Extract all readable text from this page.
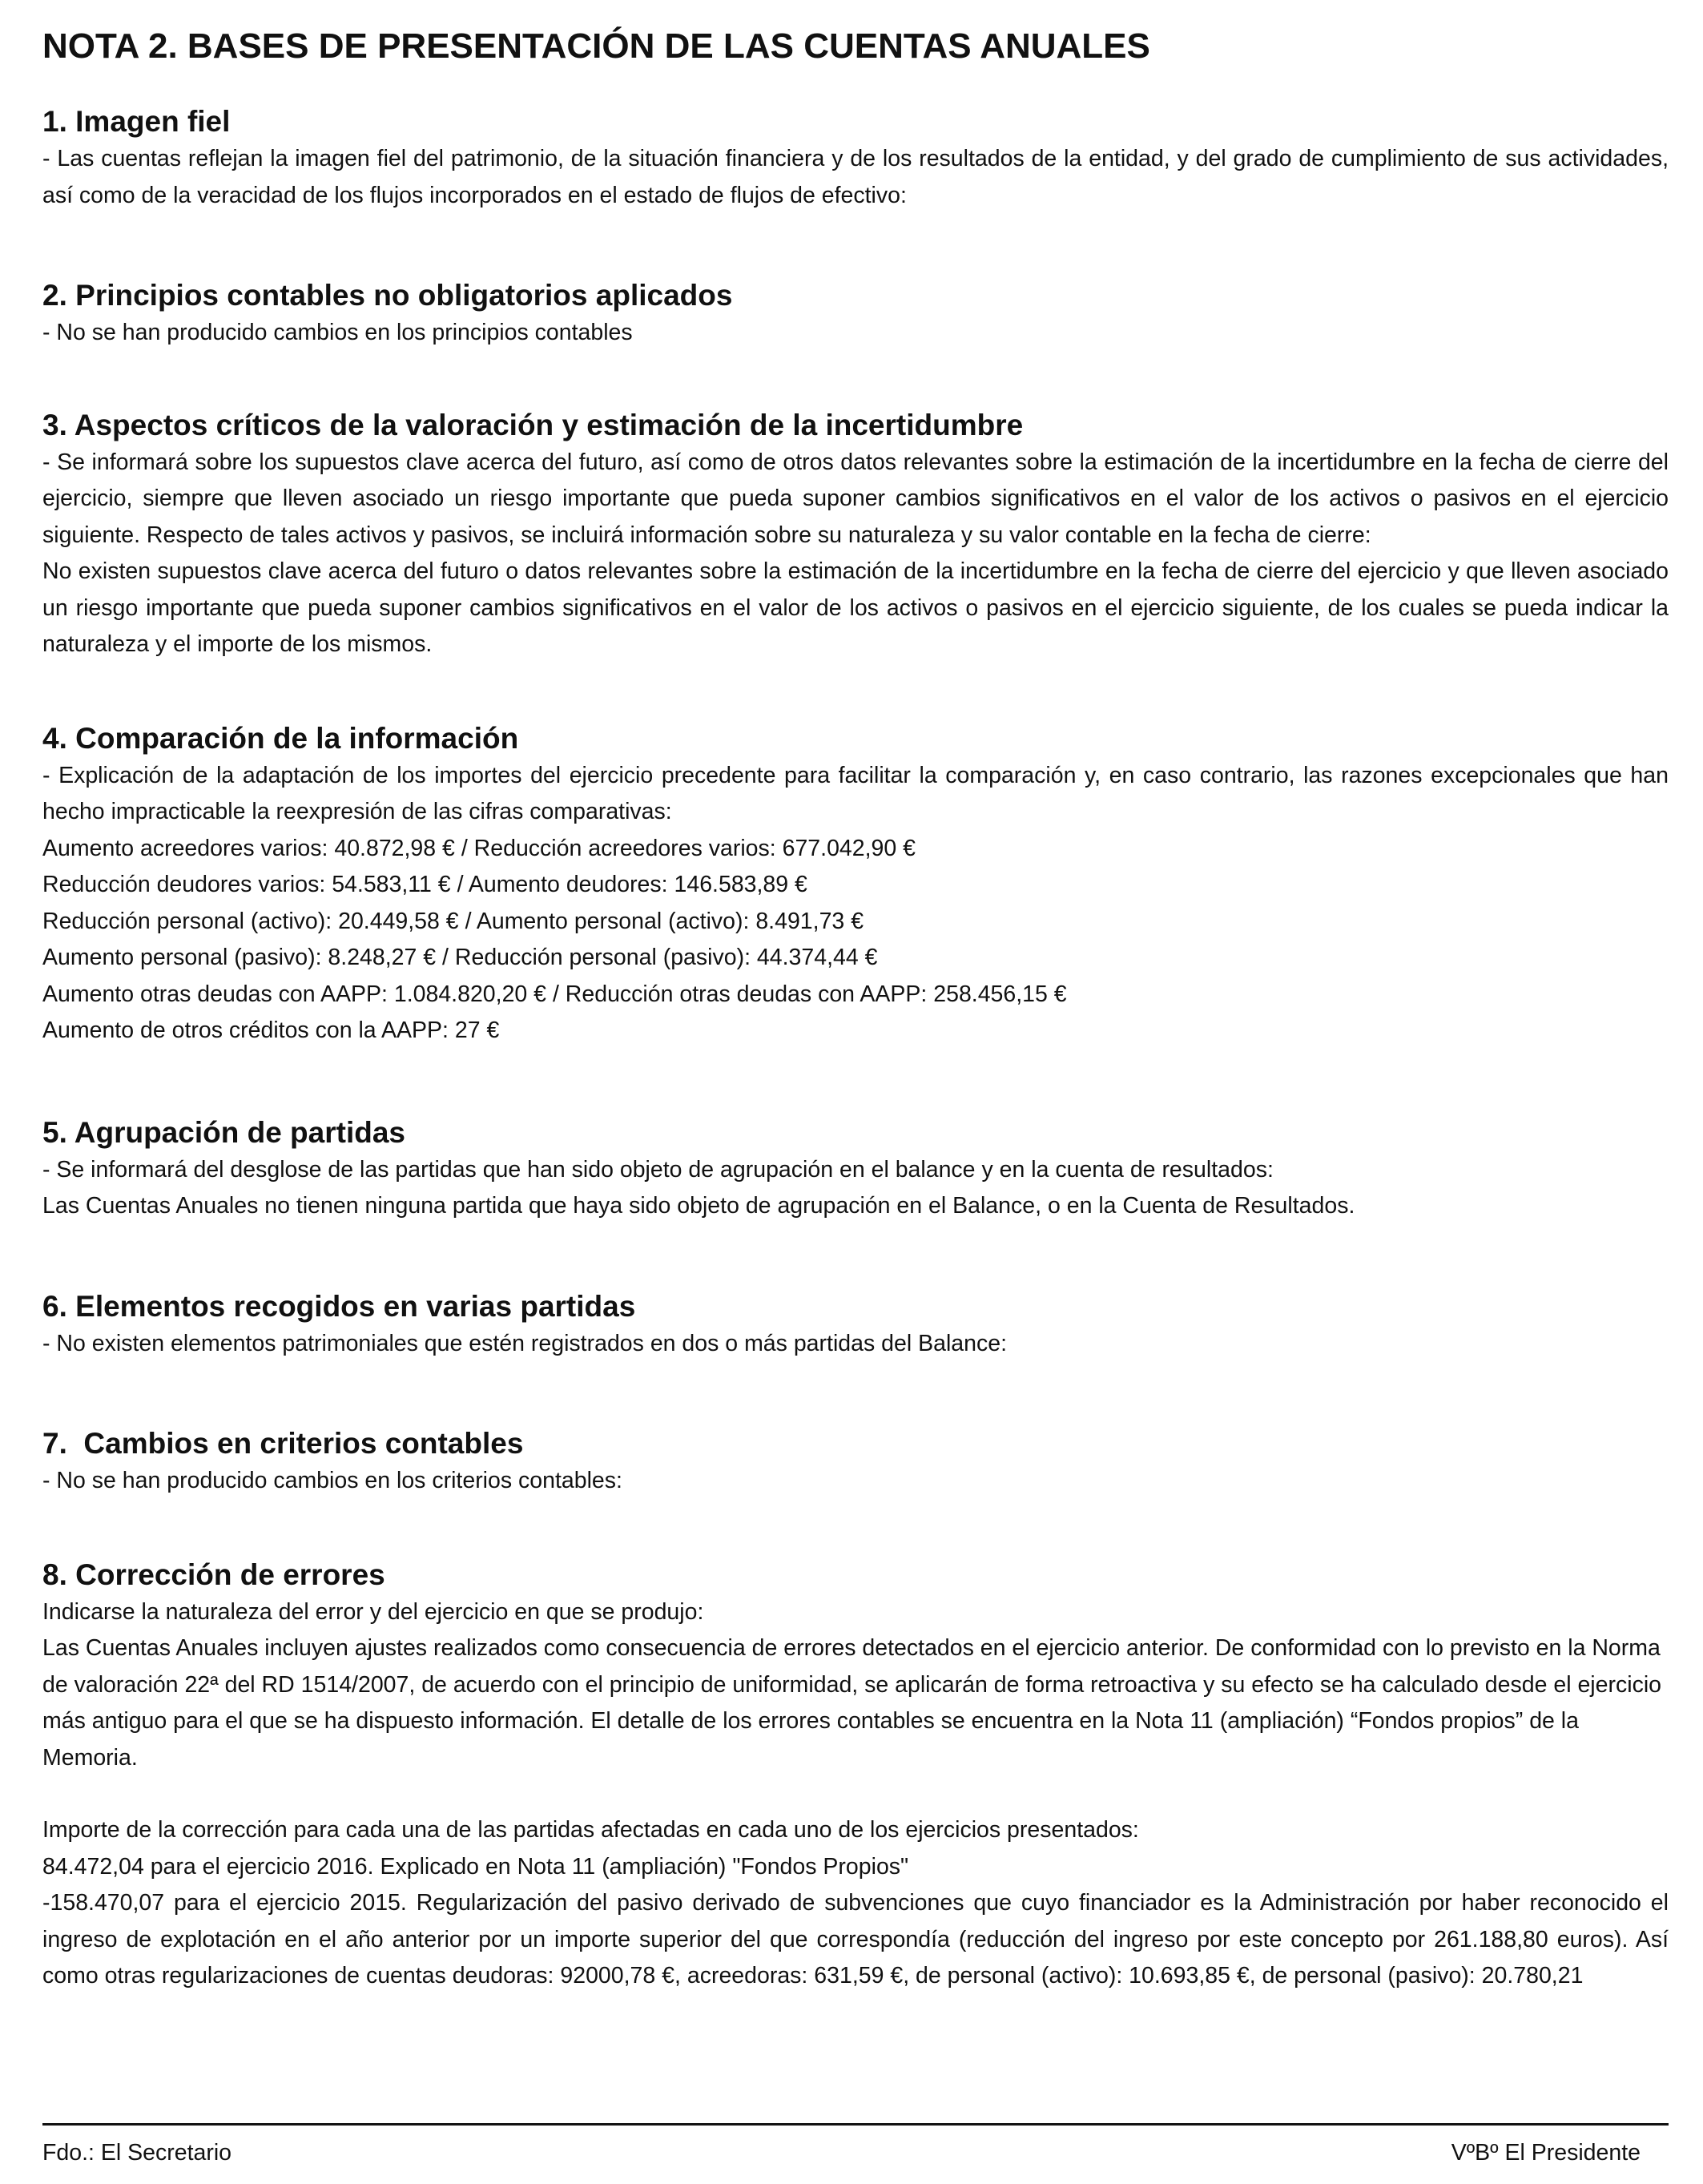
NOTA 2. BASES DE PRESENTACIÓN DE LAS CUENTAS ANUALES
1. Imagen fiel

- Las cuentas reflejan la imagen fiel del patrimonio, de la situación financiera y de los resultados de la entidad, y del grado de cumplimiento de sus actividades, así como de la veracidad de los flujos incorporados en el estado de flujos de efectivo:

2. Principios contables no obligatorios aplicados

- No se han producido cambios en los principios contables

3. Aspectos críticos de la valoración y estimación de la incertidumbre

- Se informará sobre los supuestos clave acerca del futuro, así como de otros datos relevantes sobre la estimación de la incertidumbre en la fecha de cierre del ejercicio, siempre que lleven asociado un riesgo importante que pueda suponer cambios significativos en el valor de los activos o pasivos en el ejercicio siguiente. Respecto de tales activos y pasivos, se incluirá información sobre su naturaleza y su valor contable en la fecha de cierre:

No existen supuestos clave acerca del futuro o datos relevantes sobre la estimación de la incertidumbre en la fecha de cierre del ejercicio y que lleven asociado un riesgo importante que pueda suponer cambios significativos en el valor de los activos o pasivos en el ejercicio siguiente, de los cuales se pueda indicar la naturaleza y el importe de los mismos.

4. Comparación de la información

- Explicación de la adaptación de los importes del ejercicio precedente para facilitar la comparación y, en caso contrario, las razones excepcionales que han hecho impracticable la reexpresión de las cifras comparativas:

Aumento acreedores varios: 40.872,98 € / Reducción acreedores varios: 677.042,90 €

Reducción deudores varios: 54.583,11 € / Aumento deudores: 146.583,89 €

Reducción personal (activo): 20.449,58 € / Aumento personal (activo): 8.491,73 €

Aumento personal (pasivo): 8.248,27 € / Reducción personal (pasivo): 44.374,44 €

Aumento otras deudas con AAPP: 1.084.820,20 € / Reducción otras deudas con AAPP: 258.456,15 €

Aumento de otros créditos con la AAPP: 27 €

5. Agrupación de partidas

- Se informará del desglose de las partidas que han sido objeto de agrupación en el balance y en la cuenta de resultados:

Las Cuentas Anuales no tienen ninguna partida que haya sido objeto de agrupación en el Balance, o en la Cuenta de Resultados.

6. Elementos recogidos en varias partidas

- No existen elementos patrimoniales que estén registrados en dos o más partidas del Balance:

7.  Cambios en criterios contables

- No se han producido cambios en los criterios contables:

8. Corrección de errores

Indicarse la naturaleza del error y del ejercicio en que se produjo:

Las Cuentas Anuales incluyen ajustes realizados como consecuencia de errores detectados en el ejercicio anterior. De conformidad con lo previsto en la Norma de valoración 22ª del RD 1514/2007, de acuerdo con el principio de uniformidad, se aplicarán de forma retroactiva y su efecto se ha calculado desde el ejercicio más antiguo para el que se ha dispuesto información. El detalle de los errores contables se encuentra en la Nota 11 (ampliación) “Fondos propios” de la Memoria.

Importe de la corrección para cada una de las partidas afectadas en cada uno de los ejercicios presentados:

84.472,04 para el ejercicio 2016. Explicado en Nota 11 (ampliación) "Fondos Propios"

-158.470,07 para el ejercicio 2015. Regularización del pasivo derivado de subvenciones que cuyo financiador es la Administración por haber reconocido el ingreso de explotación en el año anterior por un importe superior del que correspondía (reducción del ingreso por este concepto por 261.188,80 euros). Así como otras regularizaciones de cuentas deudoras: 92000,78 €, acreedoras: 631,59 €, de personal (activo): 10.693,85 €, de personal (pasivo): 20.780,21

Fdo.: El Secretario	VºBº El Presidente
